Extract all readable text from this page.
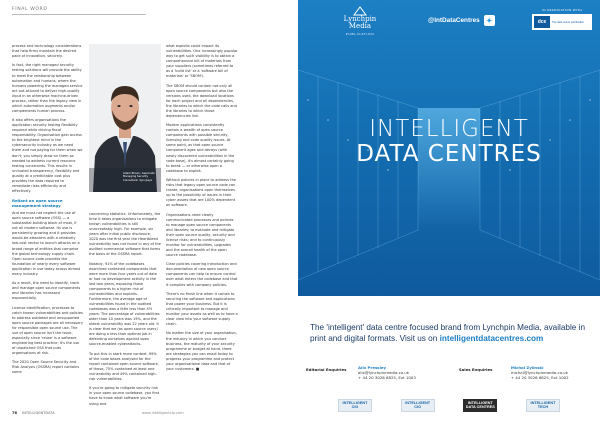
FINAL WORD

process and technology considerations that help firms maintain the desired pace of innovation, securely.

In fact, the right managed security testing solutions will provide the ability to meet the relationship between automation and humans, where the humans powering the managed service act out-of-band to deliver high-quality input in an otherwise machine-driven process, rather than the legacy view in which automation augments and/or complements human process.

It also offers organisations the application security testing flexibility required while driving fiscal responsibility. Organisation gain access to the brightest mind in the cybersecurity industry as we need them and not paying for them when we don't; you simply draw on them as needed to address current resource testing constraints. This results in unrivaled transparency, flexibility and quality at a predictable cost plus provides the data required to remediate risks efficiently and effectively.

Reliant on open source management strategy

And we must not neglect the use of open source software (OSS) — a substantial building block of most, if not all modern software. Its use is persistently growing and it provides would-be attackers with a relatively low-cost vector to launch attacks on a broad range of entities that comprise the global technology supply chain. Open source code provides the foundation of nearly every software application in use today across almost every industry.

As a result, the need to identify, track and manage open source components and libraries has increased exponentially.

License identification, processes to catch known vulnerabilities and policies to address outdated and unsupported open source packages are all necessary for responsible open source use. The use of open source isn't the issue, especially since 'reuse' is a software engineering best practice; it's the use of unpatched OSS that puts organisations at risk.

The 2020 Open Source Security and Risk Analysis (OSSRA) report contains some

Adam Brown, Associate Managing Security Consultant, Synopsys

concerning statistics. Unfortunately, the time it takes organisations to mitigate known vulnerabilities is still unacceptably high. For example, six years after initial public disclosure, 2020 was the first year the Heartbleed vulnerability was not found in any of the audited commercial software that forms the basis of the OSSRA report.

Notably, 91% of the codebases examined contained components that were more than four years out of date or had no development activity in the last two years, exposing those components to a higher risk of vulnerabilities and exploits. Furthermore, the average age of vulnerabilities found in the audited codebases was a little less than 4½ years. The percentage of vulnerabilities older than 10 years was 19%, and the oldest vulnerability was 22 years old. It is clear that we (as open source users) are doing a less than optimal job in defending ourselves against open source-enabled cyberattacks.

To put this in stark more context, 99% of the code bases analysed for the report contained open source software, of those, 75% contained at least one vulnerability and 49% contained high-risk vulnerabilities.

If you're going to mitigate security risk in your open source codebase, you first have to know what software you're using and

what exploits could impact its vulnerabilities. One increasingly popular way to get such visibility is to obtain a comprehensive bill of materials from your suppliers (sometimes referred to as a 'build list' or a 'software bill of materials' or 'SBOM').

The SBOM should contain not only all open source components but also the versions used, the download locations for each project and all dependencies, the libraries to which the code calls and the libraries to which those dependencies link.

Modern applications consistently contain a wealth of open source components with possible security, licensing and code quality issues. At some point, as that open source component ages and decays (with newly discovered vulnerabilities in the code base), it's almost certainly going to break — or otherwise open a codebase to exploit.

Without policies in place to address the risks that legacy open source code can create, organisations open themselves up to the possibility of issues in their cyber assets that are 100% dependent on software.

Organisations need clearly communicated processes and policies to manage open source components and libraries; to evaluate and mitigate their open source quality, security and license risks; and to continuously monitor for vulnerabilities, upgrades and the overall health of the open source codebase.

Clear policies covering introduction and documentation of new open source components can help to ensure control over what enters the codebase and that it complies with company policies.

There's no finish line when it comes to securing the software and applications that power your business. But it is critically important to manage and monitor your assets as well as to have a clear view into your software supply chain.

No matter the size of your organisation, the industry in which you conduct business, the maturity of your security programme or budget at hand, there are strategies you can enact today to progress your programme and protect your organisational data and that of your customers. ■

76 INTELLIGENTDATA	www.intelligentcio.com
Lynchpin Media
PUBLICATION
@IntDataCentres ✦
IN ASSOCIATION WITH
dce	The data centre certification
INTELLIGENT
DATA CENTRES
The 'intelligent' data centre focused brand from Lynchpin Media, available in print and digital formats. Visit us on intelligentdatacentres.com
Editorial Enquiries	Alix Pressley
alix@lynchpinmedia.co.uk
+ 44 20 3026 6825, Ext 1003
Sales Enquiries	Michal Zylinski
michal@lynchpinmedia.co.uk
+ 44 20 3026 6825, Ext 1002
INTELLIGENT CIO
INTELLIGENT CIO
INTELLIGENT DATA CENTRES
INTELLIGENT TECH
